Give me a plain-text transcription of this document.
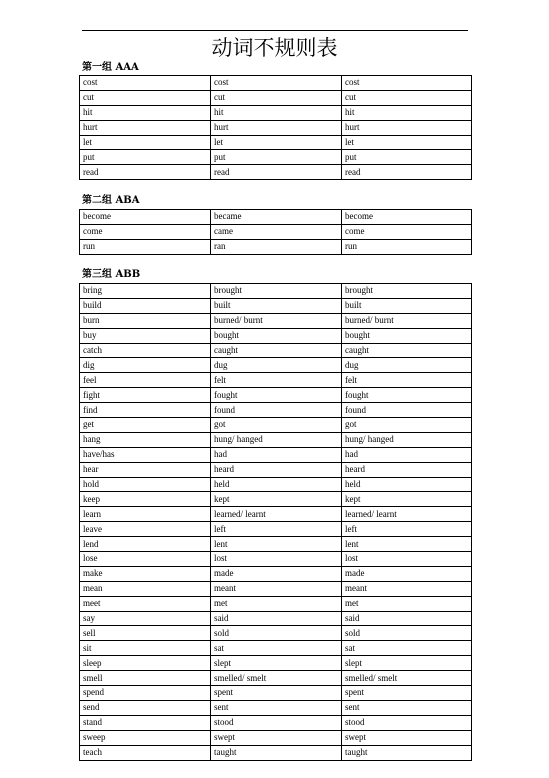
动词不规则表
第一组 AAA
cost	cost	cost
cut	cut	cut
hit	hit	hit
hurt	hurt	hurt
let	let	let
put	put	put
read	read	read
第二组 ABA
become	became	become
come	came	come
run	ran	run
第三组 ABB
bring	brought	brought
build	built	built
burn	burned/ burnt	burned/ burnt
buy	bought	bought
catch	caught	caught
dig	dug	dug
feel	felt	felt
fight	fought	fought
find	found	found
get	got	got
hang	hung/ hanged	hung/ hanged
have/has	had	had
hear	heard	heard
hold	held	held
keep	kept	kept
learn	learned/ learnt	learned/ learnt
leave	left	left
lend	lent	lent
lose	lost	lost
make	made	made
mean	meant	meant
meet	met	met
say	said	said
sell	sold	sold
sit	sat	sat
sleep	slept	slept
smell	smelled/ smelt	smelled/ smelt
spend	spent	spent
send	sent	sent
stand	stood	stood
sweep	swept	swept
teach	taught	taught
